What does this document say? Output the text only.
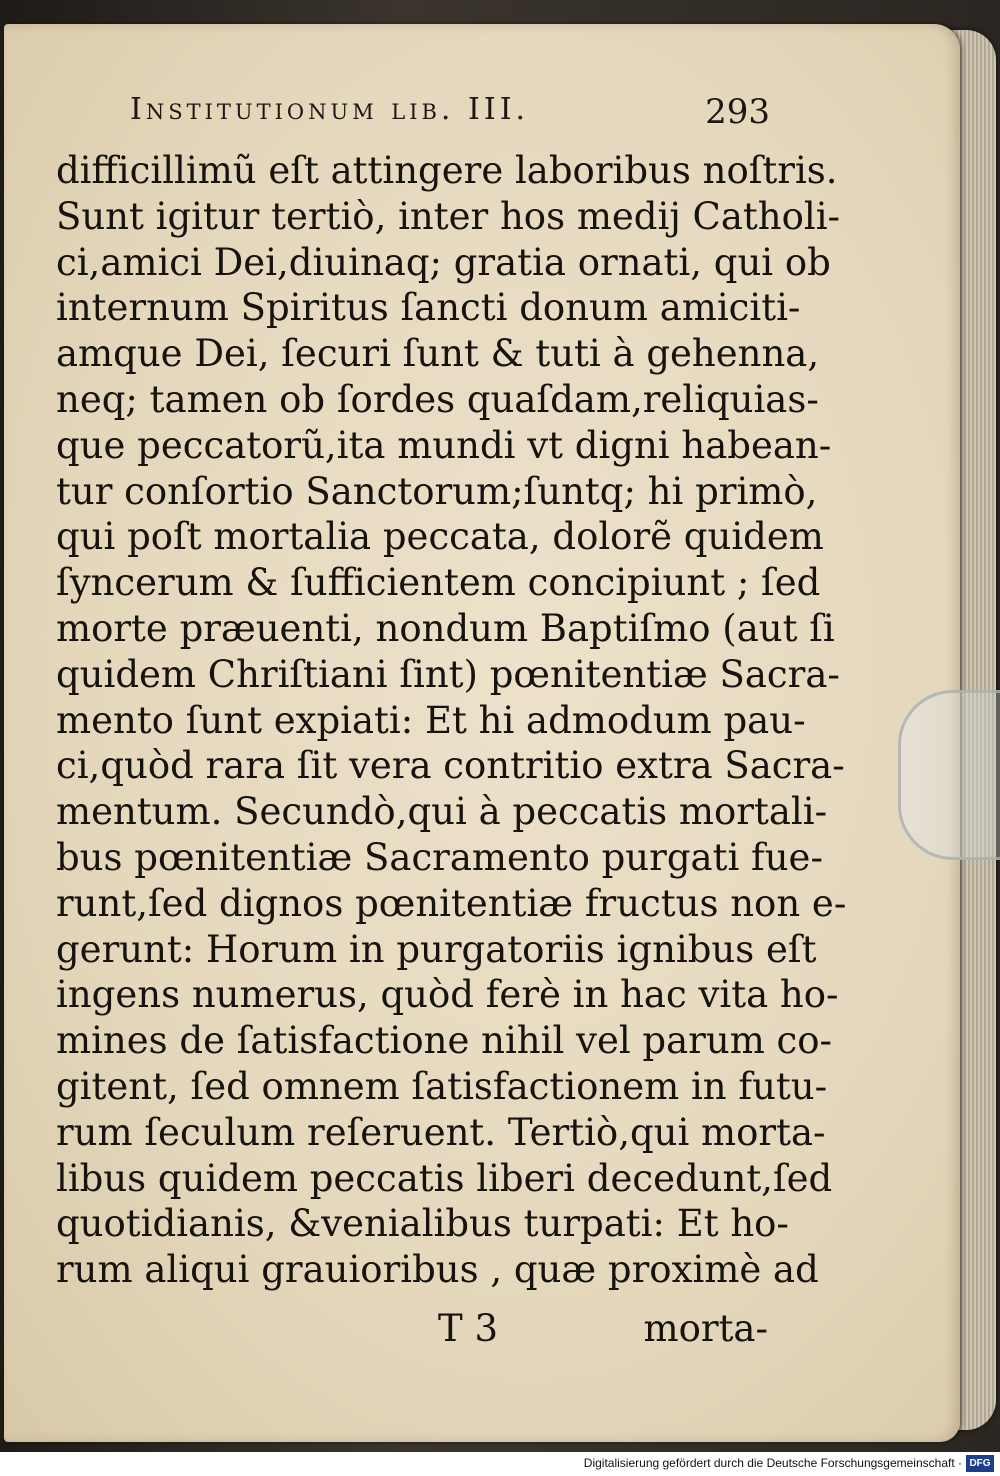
Institutionum lib. III.	293
difficillimũ eſt attingere laboribus noſtris.
Sunt igitur tertiò, inter hos medij Catholi-
ci,amici Dei,diuinaq; gratia ornati, qui ob
internum Spiritus ſancti donum amiciti-
amque Dei, ſecuri ſunt & tuti à gehenna,
neq; tamen ob ſordes quaſdam,reliquias-
que peccatorũ,ita mundi vt digni habean-
tur conſortio Sanctorum;ſuntq; hi primò,
qui poſt mortalia peccata, dolorẽ quidem
ſyncerum & ſufficientem concipiunt ; ſed
morte præuenti, nondum Baptiſmo (aut ſi
quidem Chriſtiani ſint) pœnitentiæ Sacra-
mento ſunt expiati: Et hi admodum pau-
ci,quòd rara ſit vera contritio extra Sacra-
mentum. Secundò,qui à peccatis mortali-
bus pœnitentiæ Sacramento purgati fue-
runt,ſed dignos pœnitentiæ fructus non e-
gerunt: Horum in purgatoriis ignibus eſt
ingens numerus, quòd ferè in hac vita ho-
mines de ſatisfactione nihil vel parum co-
gitent, ſed omnem ſatisfactionem in futu-
rum ſeculum reſeruent. Tertiò,qui morta-
libus quidem peccatis liberi decedunt,ſed
quotidianis, &venialibus turpati: Et ho-
rum aliqui grauioribus , quæ proximè ad
T 3	morta-
Digitalisierung gefördert durch die Deutsche Forschungsgemeinschaft · DFG
